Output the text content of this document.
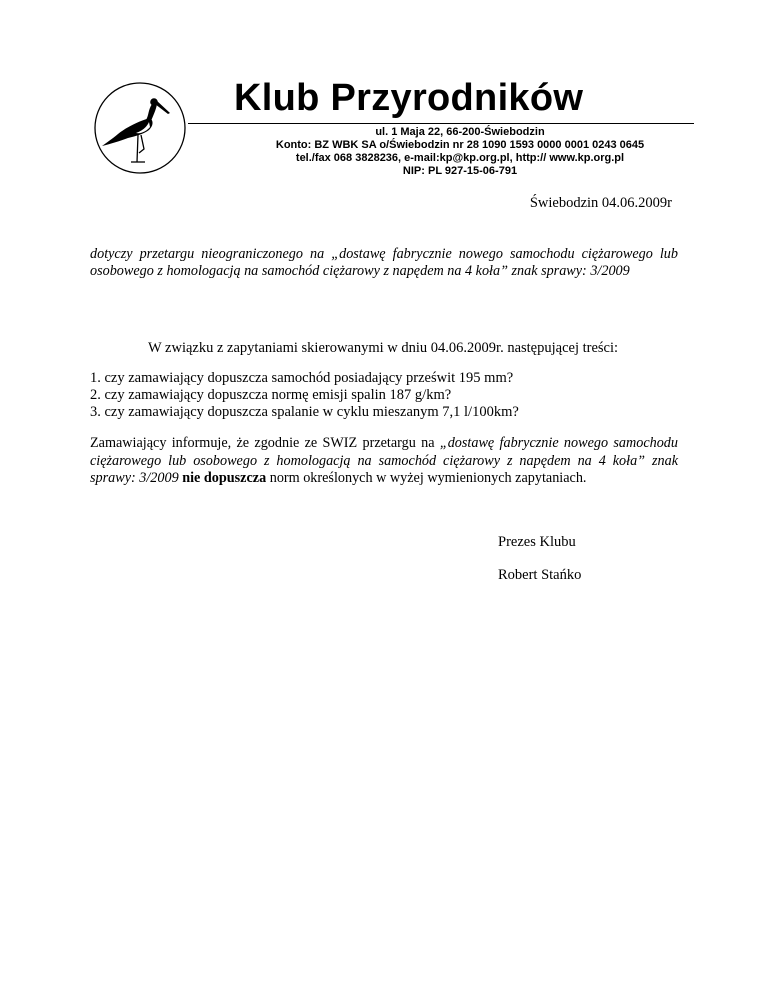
Klub Przyrodników
ul. 1 Maja 22, 66-200-Świebodzin
Konto: BZ WBK SA o/Świebodzin nr 28 1090 1593 0000 0001 0243 0645
tel./fax 068 3828236, e-mail:kp@kp.org.pl, http:// www.kp.org.pl
NIP: PL 927-15-06-791
Świebodzin 04.06.2009r
dotyczy przetargu nieograniczonego na „dostawę fabrycznie nowego samochodu ciężarowego lub osobowego z homologacją na samochód ciężarowy z napędem na 4 koła” znak sprawy: 3/2009
W związku z zapytaniami skierowanymi w dniu 04.06.2009r. następującej treści:
1. czy zamawiający dopuszcza samochód posiadający prześwit 195 mm?
2. czy zamawiający dopuszcza normę emisji spalin 187 g/km?
3. czy zamawiający dopuszcza spalanie w cyklu mieszanym 7,1 l/100km?
Zamawiający informuje, że zgodnie ze SWIZ przetargu na „dostawę fabrycznie nowego samochodu ciężarowego lub osobowego z homologacją na samochód ciężarowy z napędem na 4 koła” znak sprawy: 3/2009 nie dopuszcza norm określonych w wyżej wymienionych zapytaniach.
Prezes Klubu
Robert Stańko
